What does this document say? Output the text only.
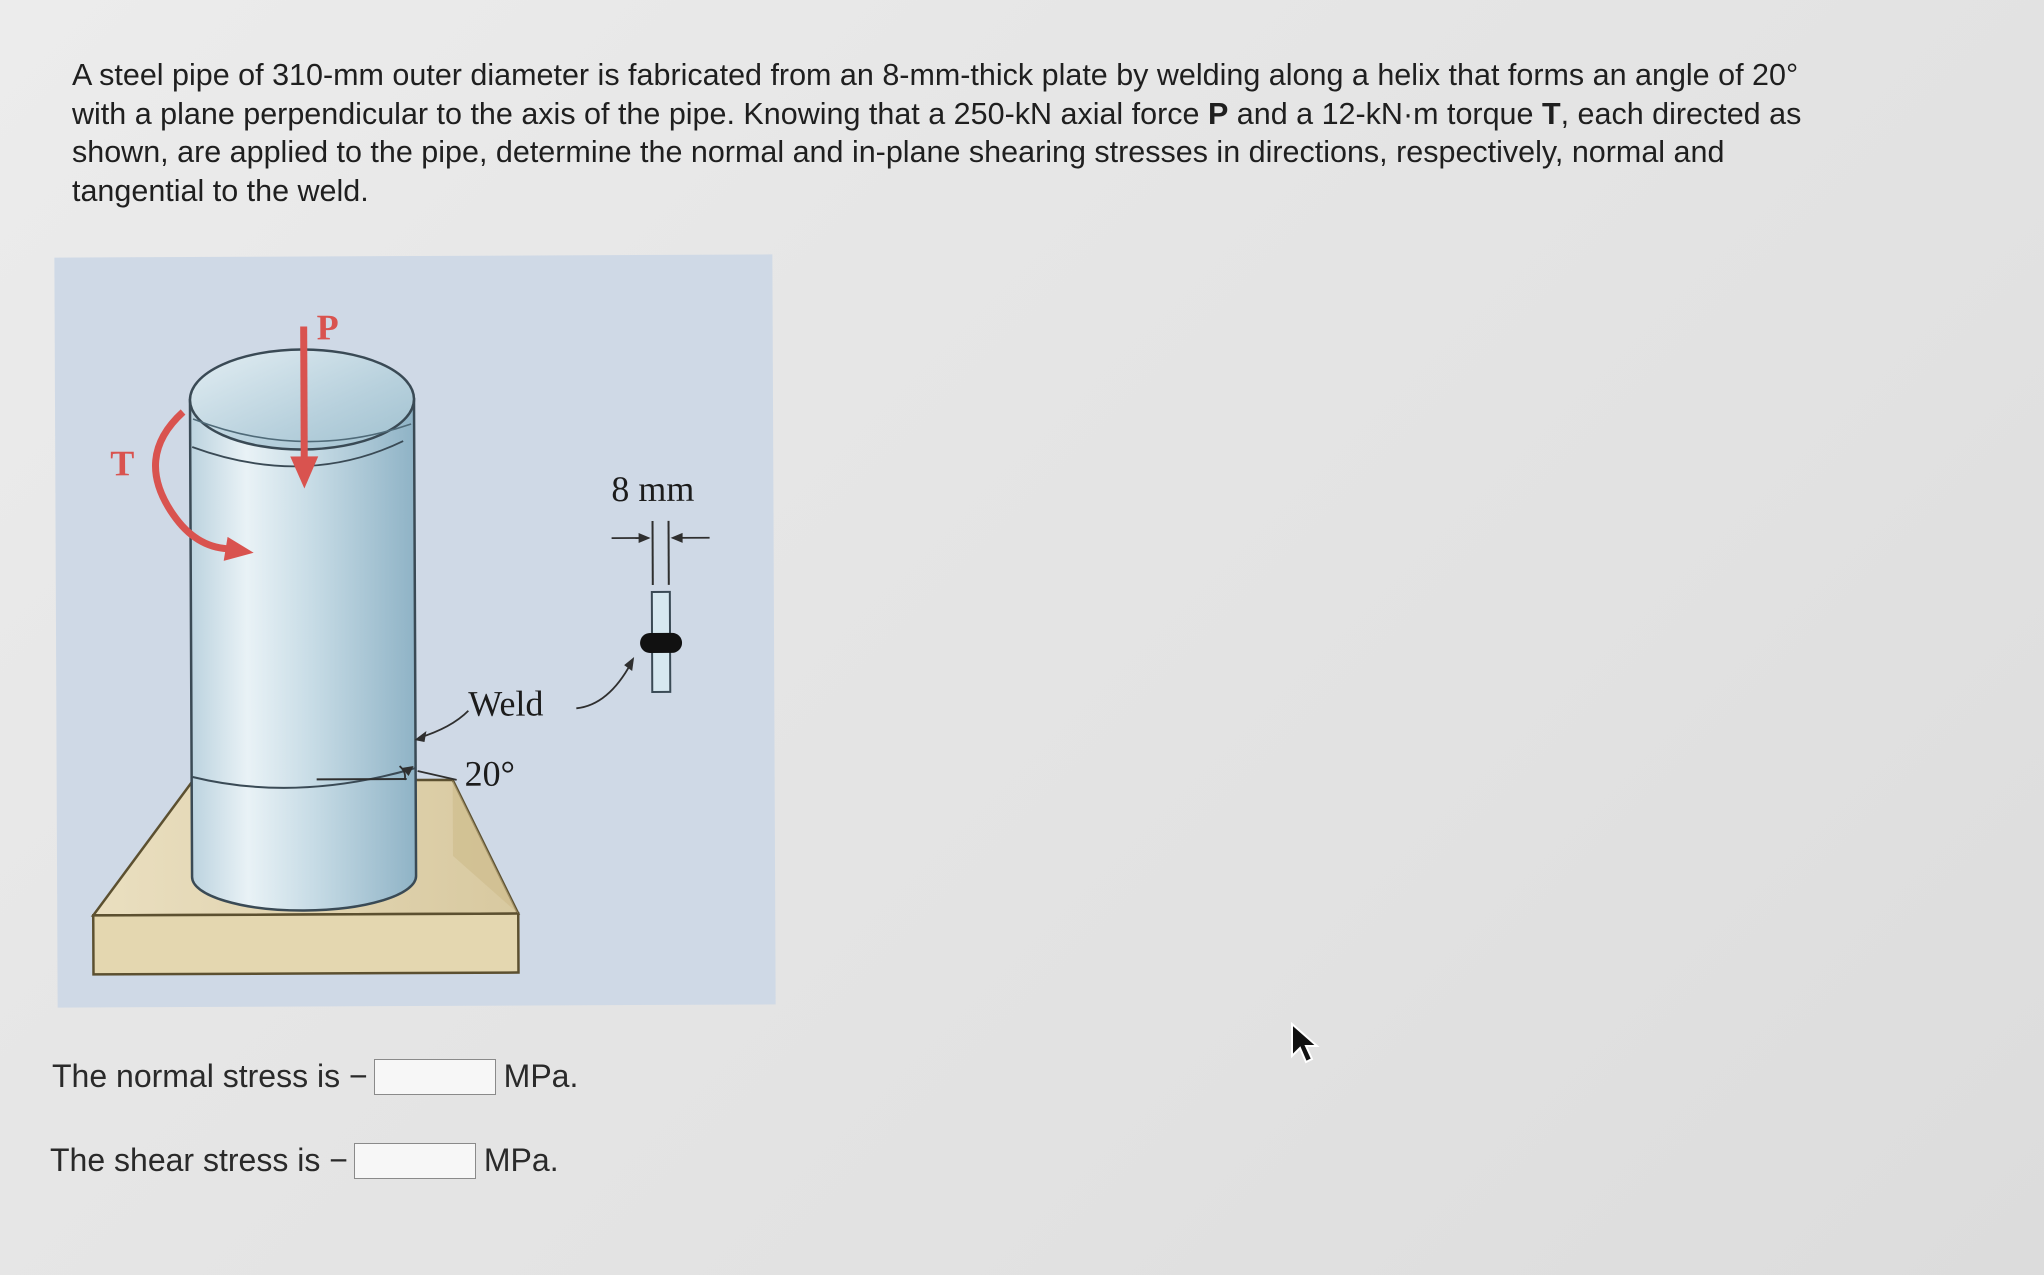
A steel pipe of 310-mm outer diameter is fabricated from an 8-mm-thick plate by welding along a helix that forms an angle of 20° with a plane perpendicular to the axis of the pipe. Knowing that a 250-kN axial force P and a 12-kN·m torque T, each directed as shown, are applied to the pipe, determine the normal and in-plane shearing stresses in directions, respectively, normal and tangential to the weld.

P
T
8 mm
Weld
20°
The normal stress is −	MPa.
The shear stress is −	MPa.
